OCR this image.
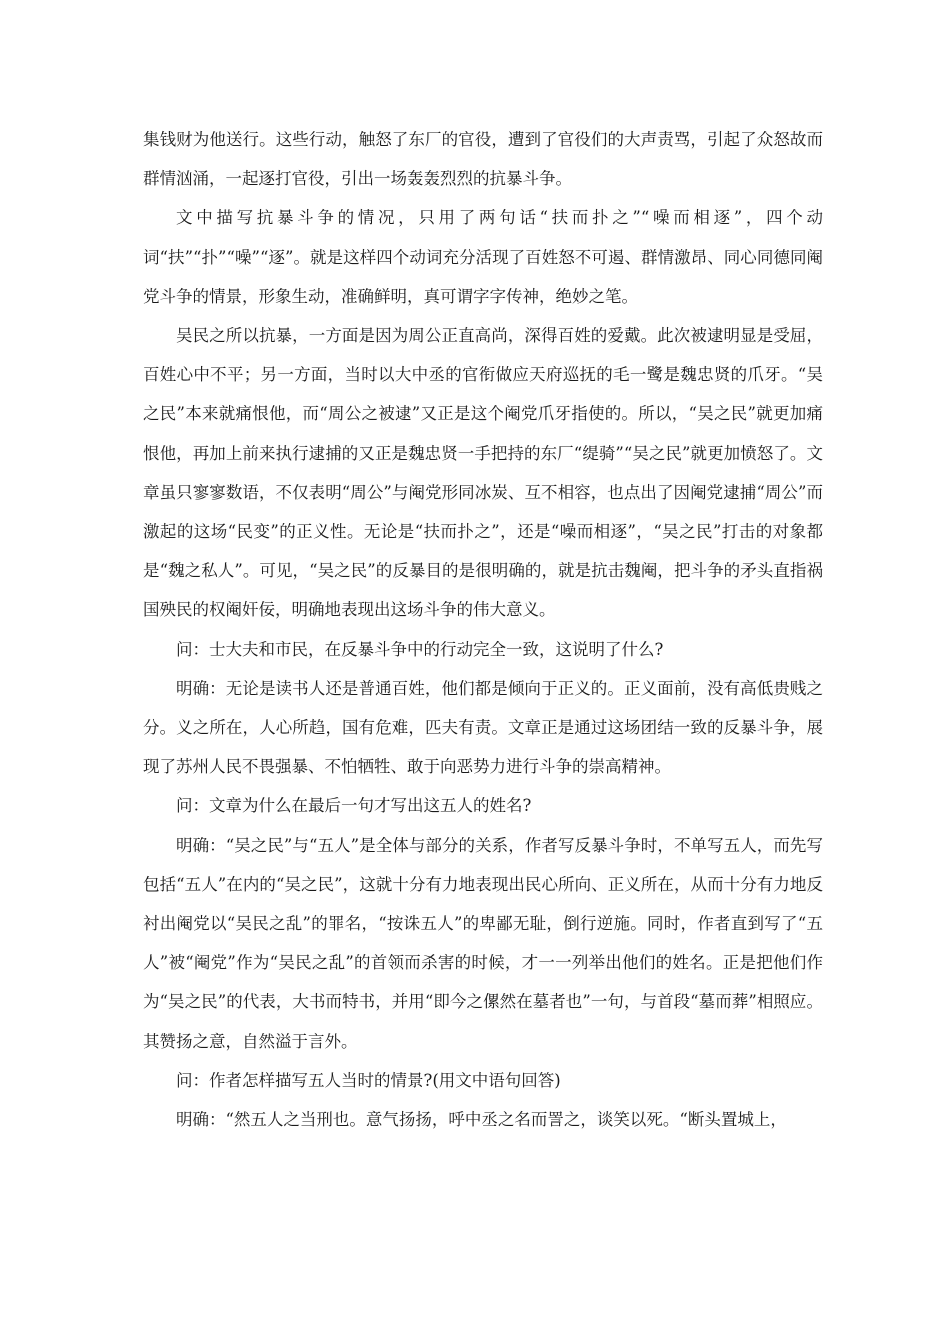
集钱财为他送行。这些行动，触怒了东厂的官役，遭到了官役们的大声责骂，引起了众怒故而群情汹涌，一起逐打官役，引出一场轰轰烈烈的抗暴斗争。

文中描写抗暴斗争的情况，只用了两句话“扶而扑之”“噪而相逐”，四个动词“扶”“扑”“噪”“逐”。就是这样四个动词充分活现了百姓怒不可遏、群情激昂、同心同德同阉党斗争的情景，形象生动，准确鲜明，真可谓字字传神，绝妙之笔。

吴民之所以抗暴，一方面是因为周公正直高尚，深得百姓的爱戴。此次被逮明显是受屈，百姓心中不平；另一方面，当时以大中丞的官衔做应天府巡抚的毛一鹭是魏忠贤的爪牙。“吴之民”本来就痛恨他，而“周公之被逮”又正是这个阉党爪牙指使的。所以，“吴之民”就更加痛恨他，再加上前来执行逮捕的又正是魏忠贤一手把持的东厂“缇骑”“吴之民”就更加愤怒了。文章虽只寥寥数语，不仅表明“周公”与阉党形同冰炭、互不相容，也点出了因阉党逮捕“周公”而激起的这场“民变”的正义性。无论是“扶而扑之”，还是“噪而相逐”，“吴之民”打击的对象都是“魏之私人”。可见，“吴之民”的反暴目的是很明确的，就是抗击魏阉，把斗争的矛头直指祸国殃民的权阉奸佞，明确地表现出这场斗争的伟大意义。

问：士大夫和市民，在反暴斗争中的行动完全一致，这说明了什么?

明确：无论是读书人还是普通百姓，他们都是倾向于正义的。正义面前，没有高低贵贱之分。义之所在，人心所趋，国有危难，匹夫有责。文章正是通过这场团结一致的反暴斗争，展现了苏州人民不畏强暴、不怕牺牲、敢于向恶势力进行斗争的崇高精神。

问：文章为什么在最后一句才写出这五人的姓名?

明确：“吴之民”与“五人”是全体与部分的关系，作者写反暴斗争时，不单写五人，而先写包括“五人”在内的“吴之民”，这就十分有力地表现出民心所向、正义所在，从而十分有力地反衬出阉党以“吴民之乱”的罪名，“按诛五人”的卑鄙无耻，倒行逆施。同时，作者直到写了“五人”被“阉党”作为“吴民之乱”的首领而杀害的时候，才一一列举出他们的姓名。正是把他们作为“吴之民”的代表，大书而特书，并用“即今之傫然在墓者也”一句，与首段“墓而葬”相照应。其赞扬之意，自然溢于言外。

问：作者怎样描写五人当时的情景?(用文中语句回答)

明确：“然五人之当刑也。意气扬扬，呼中丞之名而詈之，谈笑以死。“断头置城上，
